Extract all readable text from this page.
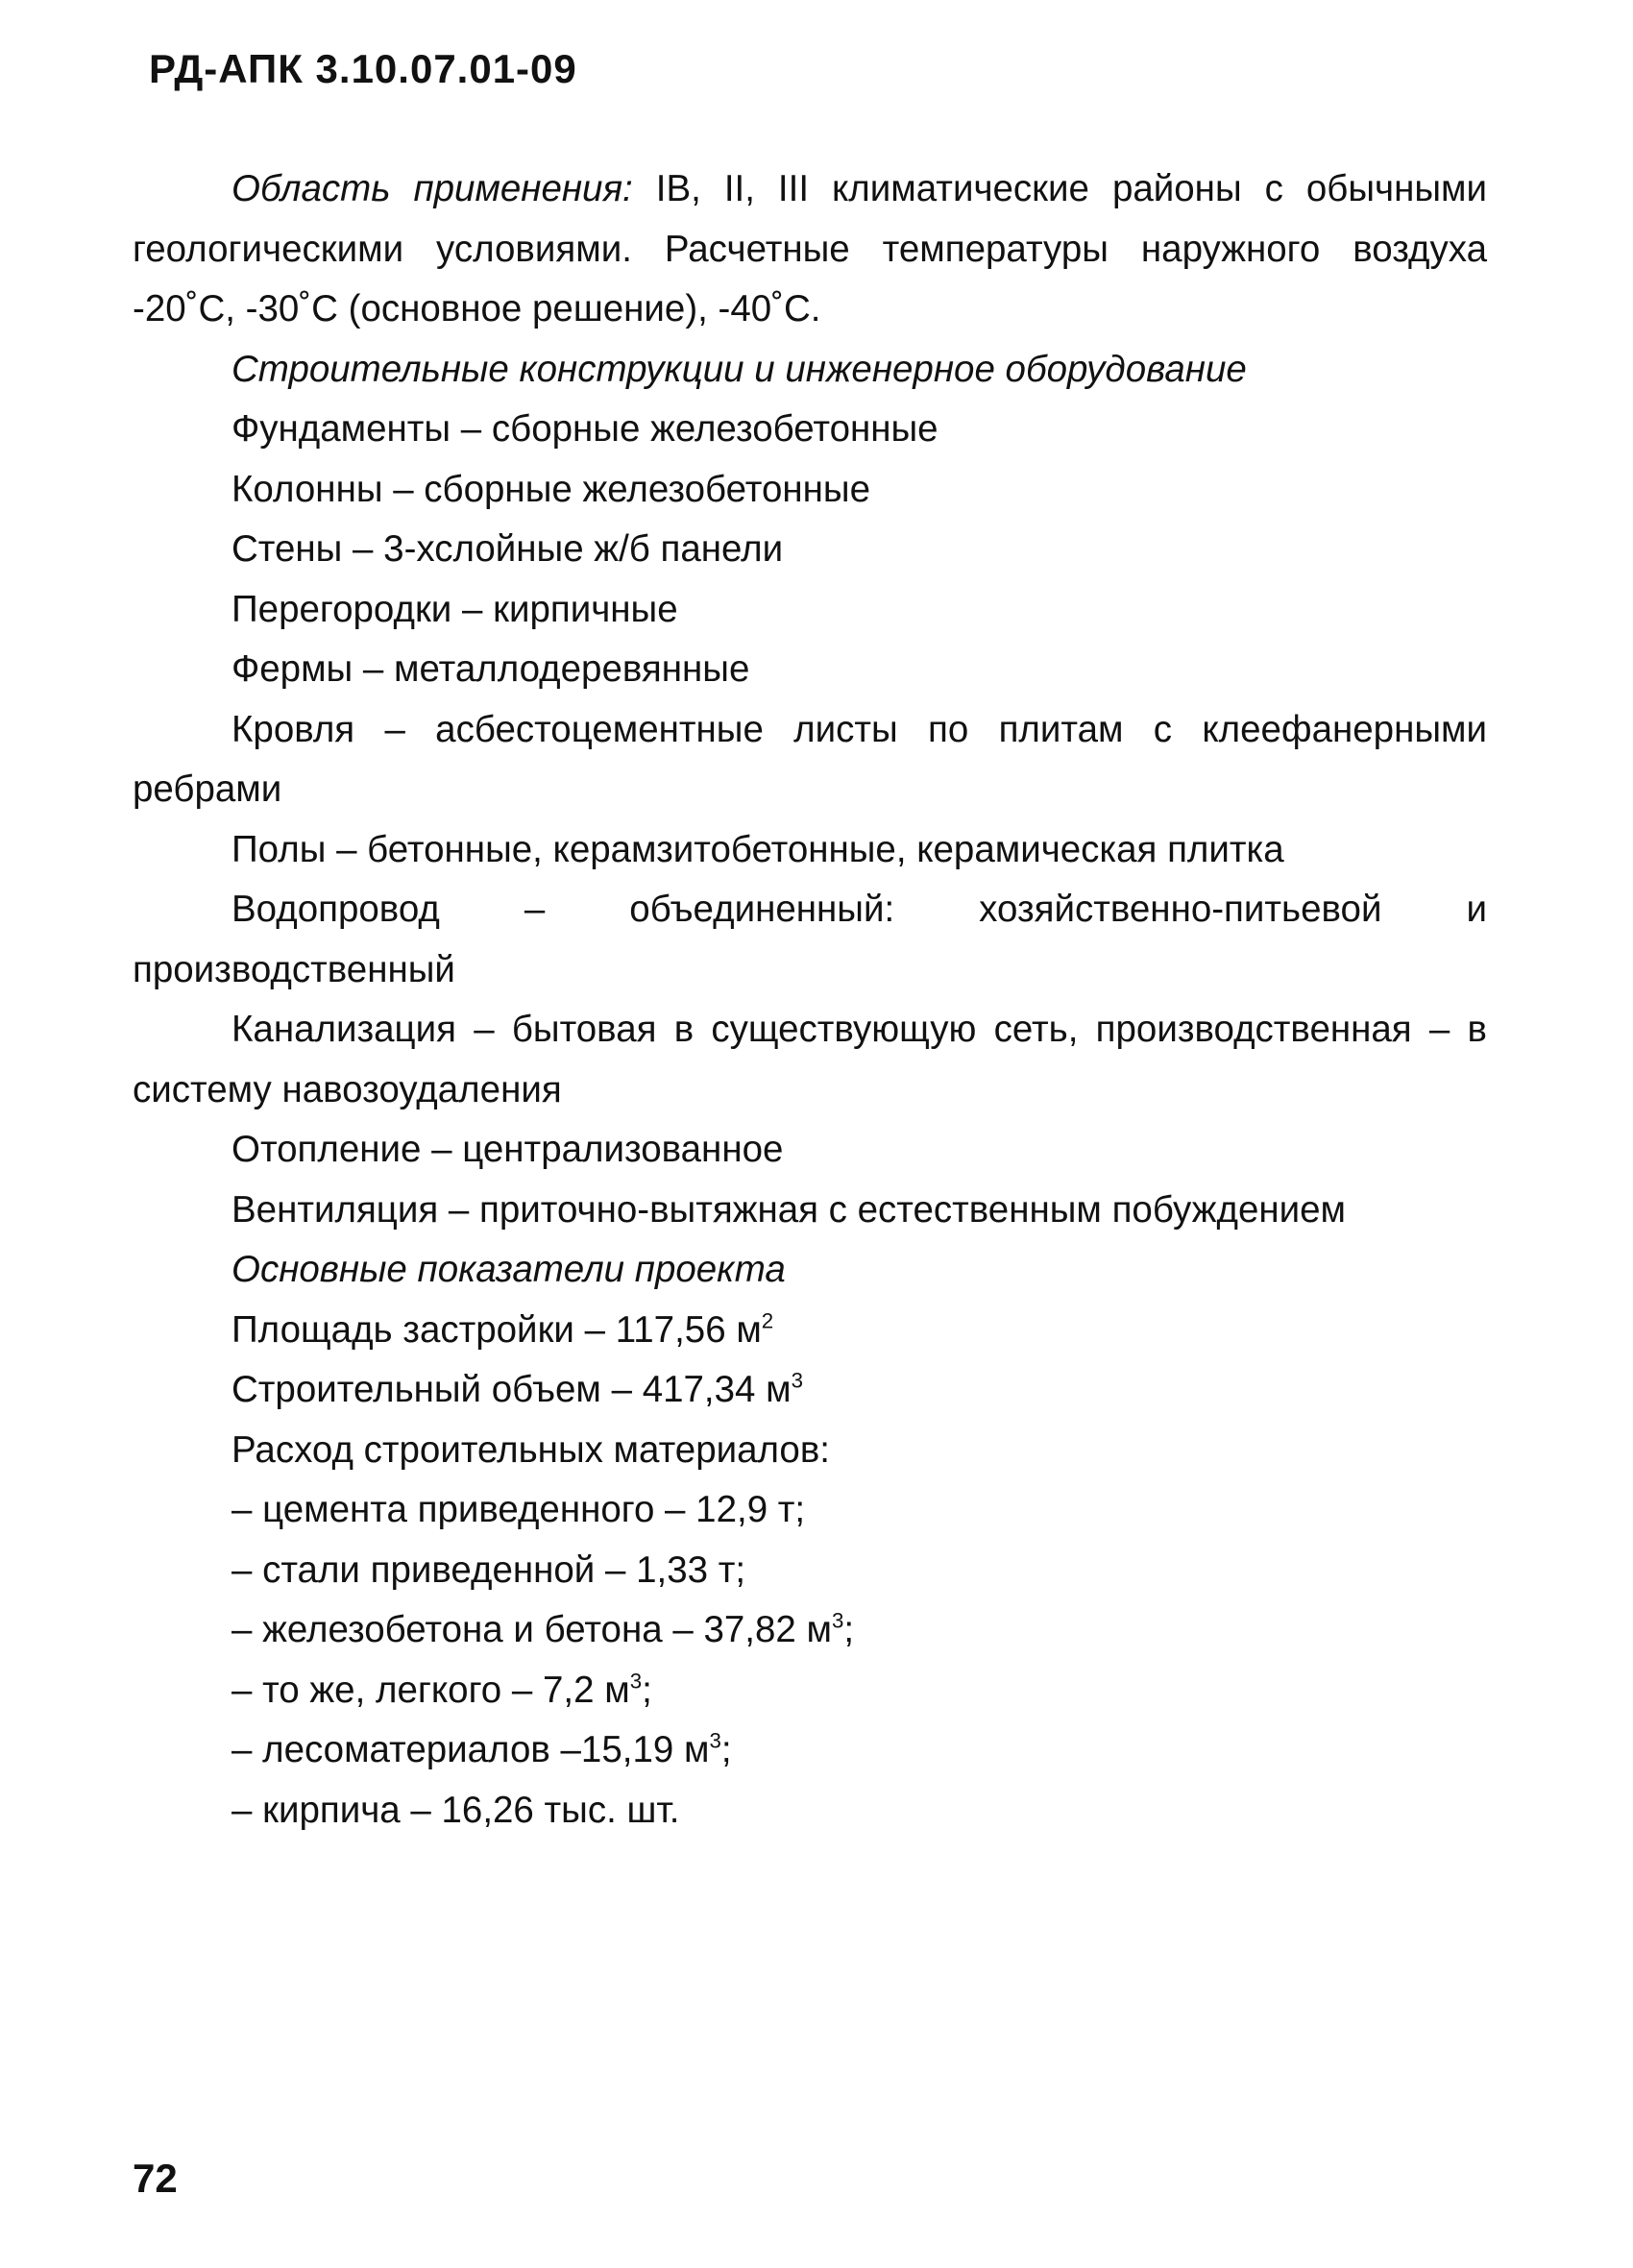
РД-АПК 3.10.07.01-09

Область применения: IB, II, III климатические районы с обычными геологическими условиями. Расчетные температуры наружного воздуха -20˚С, -30˚С (основное решение), -40˚С.

Строительные конструкции и инженерное оборудование

Фундаменты – сборные железобетонные

Колонны – сборные железобетонные

Стены – 3-хслойные ж/б панели

Перегородки – кирпичные

Фермы – металлодеревянные

Кровля – асбестоцементные листы по плитам с клеефанерными ребрами

Полы – бетонные, керамзитобетонные, керамическая плитка

Водопровод – объединенный: хозяйственно-питьевой и производственный

Канализация – бытовая в существующую сеть, производственная – в систему навозоудаления

Отопление – централизованное

Вентиляция – приточно-вытяжная с естественным побуждением

Основные показатели проекта

Площадь застройки – 117,56 $м^2$

Строительный объем – 417,34 $м^3$

Расход строительных материалов:

– цемента приведенного – 12,9 т;

– стали приведенной – 1,33 т;

– железобетона и бетона – 37,82 $м^3$;

– то же, легкого – 7,2 $м^3$;

– лесоматериалов –15,19 $м^3$;

– кирпича – 16,26 тыс. шт.

72
